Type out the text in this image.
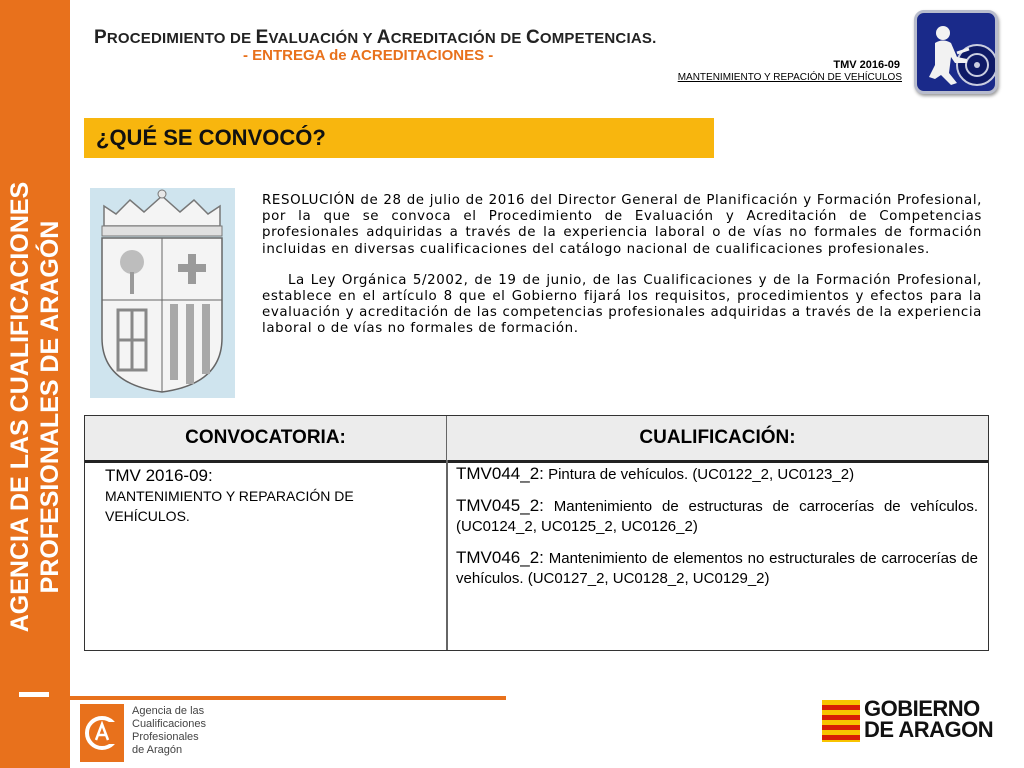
AGENCIA DE LAS CUALIFICACIONES PROFESIONALES DE ARAGÓN
PROCEDIMIENTO DE EVALUACIÓN Y ACREDITACIÓN DE COMPETENCIAS.
- ENTREGA de ACREDITACIONES -
TMV 2016-09
MANTENIMIENTO Y REPACIÓN DE VEHÍCULOS
¿QUÉ SE CONVOCÓ?

RESOLUCIÓN de 28 de julio de 2016 del Director General de Planificación y Formación Profesional, por la que se convoca el Procedimiento de Evaluación y Acreditación de Competencias profesionales adquiridas a través de la experiencia laboral o de vías no formales de formación incluidas en diversas cualificaciones del catálogo nacional de cualificaciones profesionales.

La Ley Orgánica 5/2002, de 19 de junio, de las Cualificaciones y de la Formación Profesional, establece en el artículo 8 que el Gobierno fijará los requisitos, procedimientos y efectos para la evaluación y acreditación de las competencias profesionales adquiridas a través de la experiencia laboral o de vías no formales de formación.

CONVOCATORIA:	CUALIFICACIÓN:
TMV 2016-09:
MANTENIMIENTO Y REPARACIÓN DE VEHÍCULOS.

TMV044_2: Pintura de vehículos. (UC0122_2, UC0123_2)

TMV045_2: Mantenimiento de estructuras de carrocerías de vehículos. (UC0124_2, UC0125_2, UC0126_2)

TMV046_2: Mantenimiento de elementos no estructurales de carrocerías de vehículos. (UC0127_2, UC0128_2, UC0129_2)

Agencia de las
Cualificaciones
Profesionales
de Aragón
GOBIERNO
DE ARAGON
